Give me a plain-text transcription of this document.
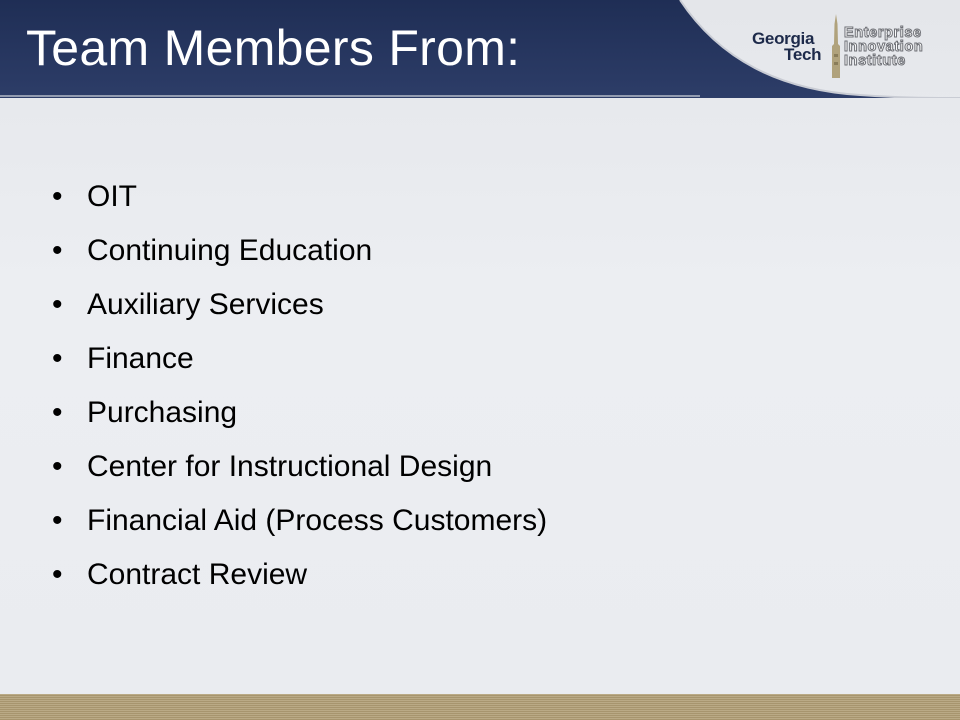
Team Members From:	Georgia
Tech
Enterprise
Innovation
Institute
• OIT
• Continuing Education
• Auxiliary Services
• Finance
• Purchasing
• Center for Instructional Design
• Financial Aid (Process Customers)
• Contract Review
